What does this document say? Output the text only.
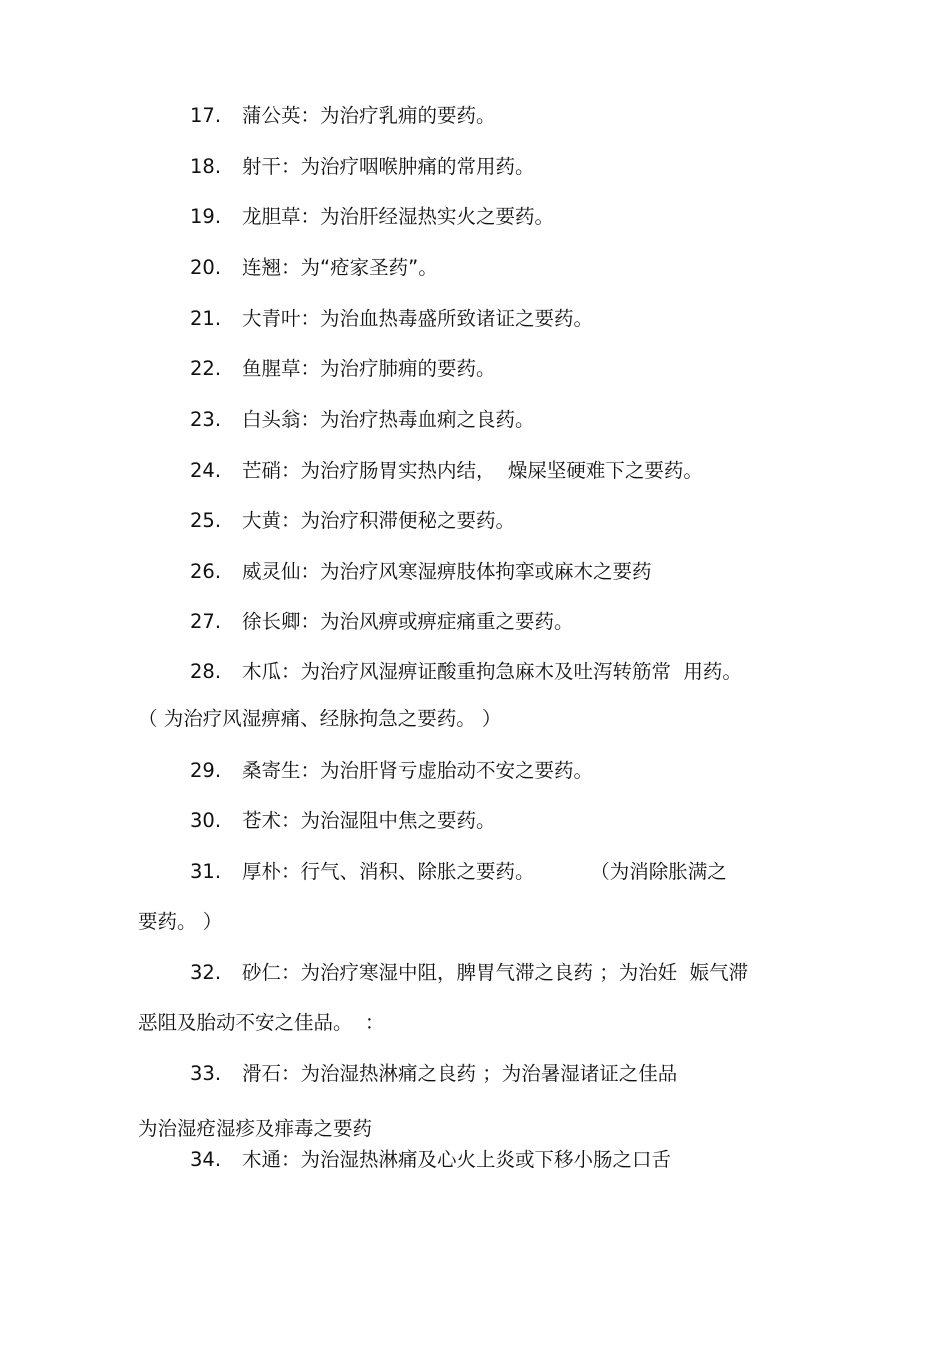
17. 蒲公英：为治疗乳痈的要药。
18. 射干：为治疗咽喉肿痛的常用药。
19. 龙胆草：为治肝经湿热实火之要药。
20. 连翘：为“疮家圣药”。
21. 大青叶：为治血热毒盛所致诸证之要药。
22. 鱼腥草：为治疗肺痈的要药。
23. 白头翁：为治疗热毒血痢之良药。
24. 芒硝：为治疗肠胃实热内结，  燥屎坚硬难下之要药。
25. 大黄：为治疗积滞便秘之要药。
26. 威灵仙：为治疗风寒湿痹肢体拘挛或麻木之要药
27. 徐长卿：为治风痹或痹症痛重之要药。
28. 木瓜：为治疗风湿痹证酸重拘急麻木及吐泻转筋常  用药。
（ 为治疗风湿痹痛、经脉拘急之要药。 ）
29. 桑寄生：为治肝肾亏虚胎动不安之要药。
30. 苍术：为治湿阻中焦之要药。
31. 厚朴：行气、消积、除胀之要药。         （为消除胀满之
要药。 ）
32. 砂仁：为治疗寒湿中阻，脾胃气滞之良药 ；为治妊  娠气滞
恶阻及胎动不安之佳品。  ：
33. 滑石：为治湿热淋痛之良药 ；为治暑湿诸证之佳品
为治湿疮湿疹及痱毒之要药
34. 木通：为治湿热淋痛及心火上炎或下移小肠之口舌
